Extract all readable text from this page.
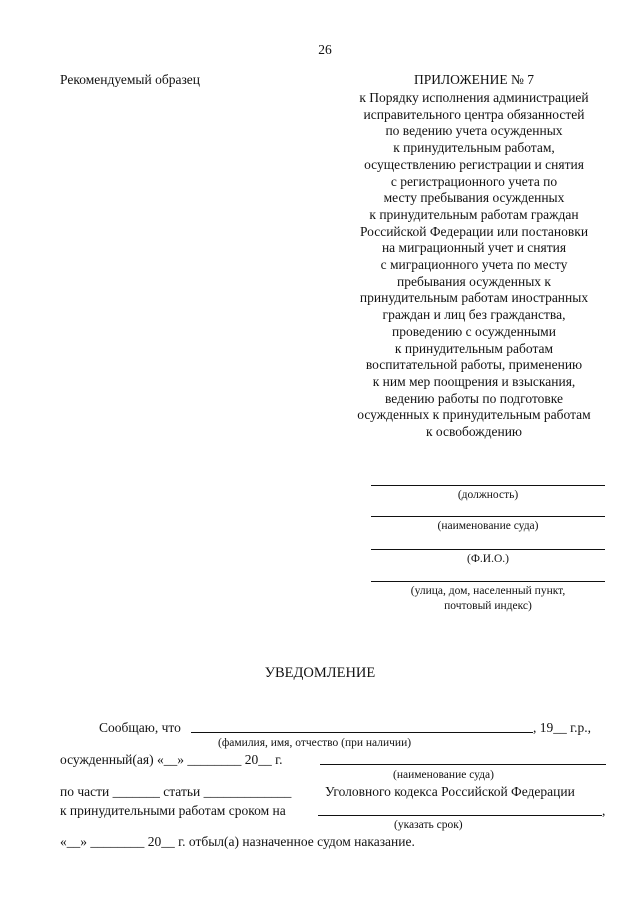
26
Рекомендуемый образец	ПРИЛОЖЕНИЕ № 7
к Порядку исполнения администрацией
исправительного центра обязанностей
по ведению учета осужденных
к принудительным работам,
осуществлению регистрации и снятия
с регистрационного учета по
месту пребывания осужденных
к принудительным работам граждан
Российской Федерации или постановки
на миграционный учет и снятия
с миграционного учета по месту
пребывания осужденных к
принудительным работам иностранных
граждан и лиц без гражданства,
проведению с осужденными
к принудительным работам
воспитательной работы, применению
к ним мер поощрения и взыскания,
ведению работы по подготовке
осужденных к принудительным работам
к освобождению
(должность)
(наименование суда)
(Ф.И.О.)
(улица, дом, населенный пункт,
почтовый индекс)
УВЕДОМЛЕНИЕ
Сообщаю, что	, 19__ г.р.,
(фамилия, имя, отчество (при наличии)
осужденный(ая) «__» ________ 20__ г.
(наименование суда)
по части _______ статьи _____________ Уголовного кодекса Российской Федерации
к принудительными работам сроком на	,
(указать срок)
«__» ________ 20__ г. отбыл(а) назначенное судом наказание.
